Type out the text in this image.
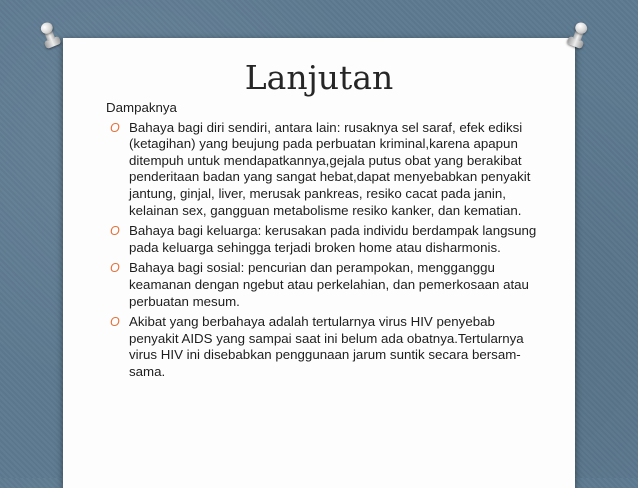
Lanjutan
Dampaknya
O Bahaya bagi diri sendiri, antara lain: rusaknya sel saraf, efek ediksi (ketagihan) yang beujung pada perbuatan kriminal,karena apapun ditempuh untuk mendapatkannya,gejala putus obat yang berakibat penderitaan badan yang sangat hebat,dapat menyebabkan penyakit jantung, ginjal, liver, merusak pankreas, resiko cacat pada janin, kelainan sex, gangguan metabolisme resiko kanker, dan kematian.
O Bahaya bagi keluarga: kerusakan pada individu berdampak langsung pada keluarga sehingga terjadi broken home atau disharmonis.
O Bahaya bagi sosial: pencurian dan perampokan, mengganggu keamanan dengan ngebut atau perkelahian, dan pemerkosaan atau perbuatan mesum.
O Akibat yang berbahaya adalah tertularnya virus HIV penyebab penyakit AIDS yang sampai saat ini belum ada obatnya.Tertularnya virus HIV ini disebabkan penggunaan jarum suntik secara bersam-sama.
